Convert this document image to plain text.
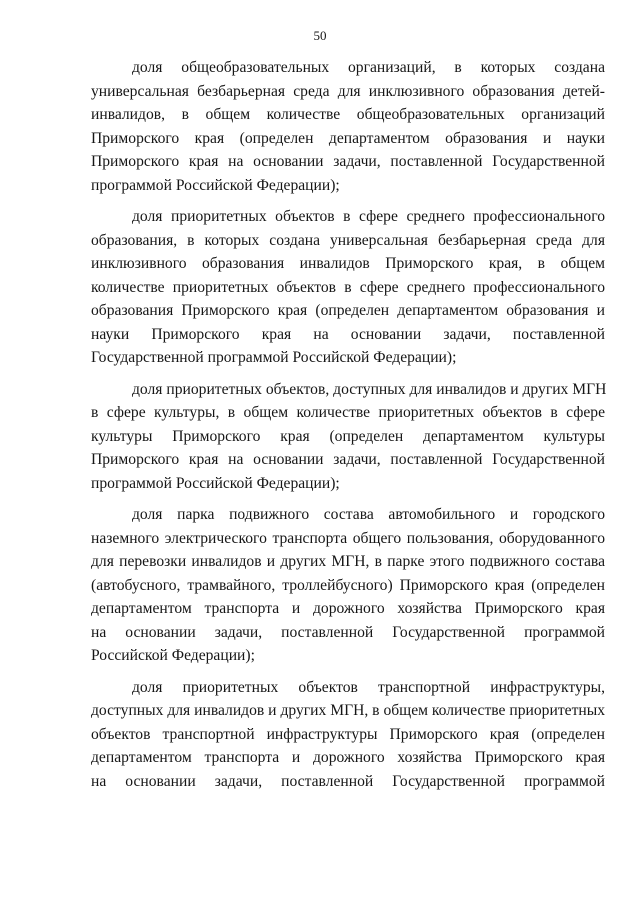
50
доля общеобразовательных организаций, в которых создана
универсальная безбарьерная среда для инклюзивного образования детей-
инвалидов, в общем количестве общеобразовательных организаций
Приморского края (определен департаментом образования и науки
Приморского края на основании задачи, поставленной Государственной
программой Российской Федерации);
доля приоритетных объектов в сфере среднего профессионального
образования, в которых создана универсальная безбарьерная среда для
инклюзивного образования инвалидов Приморского края, в общем
количестве приоритетных объектов в сфере среднего профессионального
образования Приморского края (определен департаментом образования и
науки Приморского края на основании задачи, поставленной
Государственной программой Российской Федерации);
доля приоритетных объектов, доступных для инвалидов и других МГН
в сфере культуры, в общем количестве приоритетных объектов в сфере
культуры Приморского края (определен департаментом культуры
Приморского края на основании задачи, поставленной Государственной
программой Российской Федерации);
доля парка подвижного состава автомобильного и городского
наземного электрического транспорта общего пользования, оборудованного
для перевозки инвалидов и других МГН, в парке этого подвижного состава
(автобусного, трамвайного, троллейбусного) Приморского края (определен
департаментом транспорта и дорожного хозяйства Приморского края
на основании задачи, поставленной Государственной программой
Российской Федерации);
доля приоритетных объектов транспортной инфраструктуры,
доступных для инвалидов и других МГН, в общем количестве приоритетных
объектов транспортной инфраструктуры Приморского края (определен
департаментом транспорта и дорожного хозяйства Приморского края
на основании задачи, поставленной Государственной программой
